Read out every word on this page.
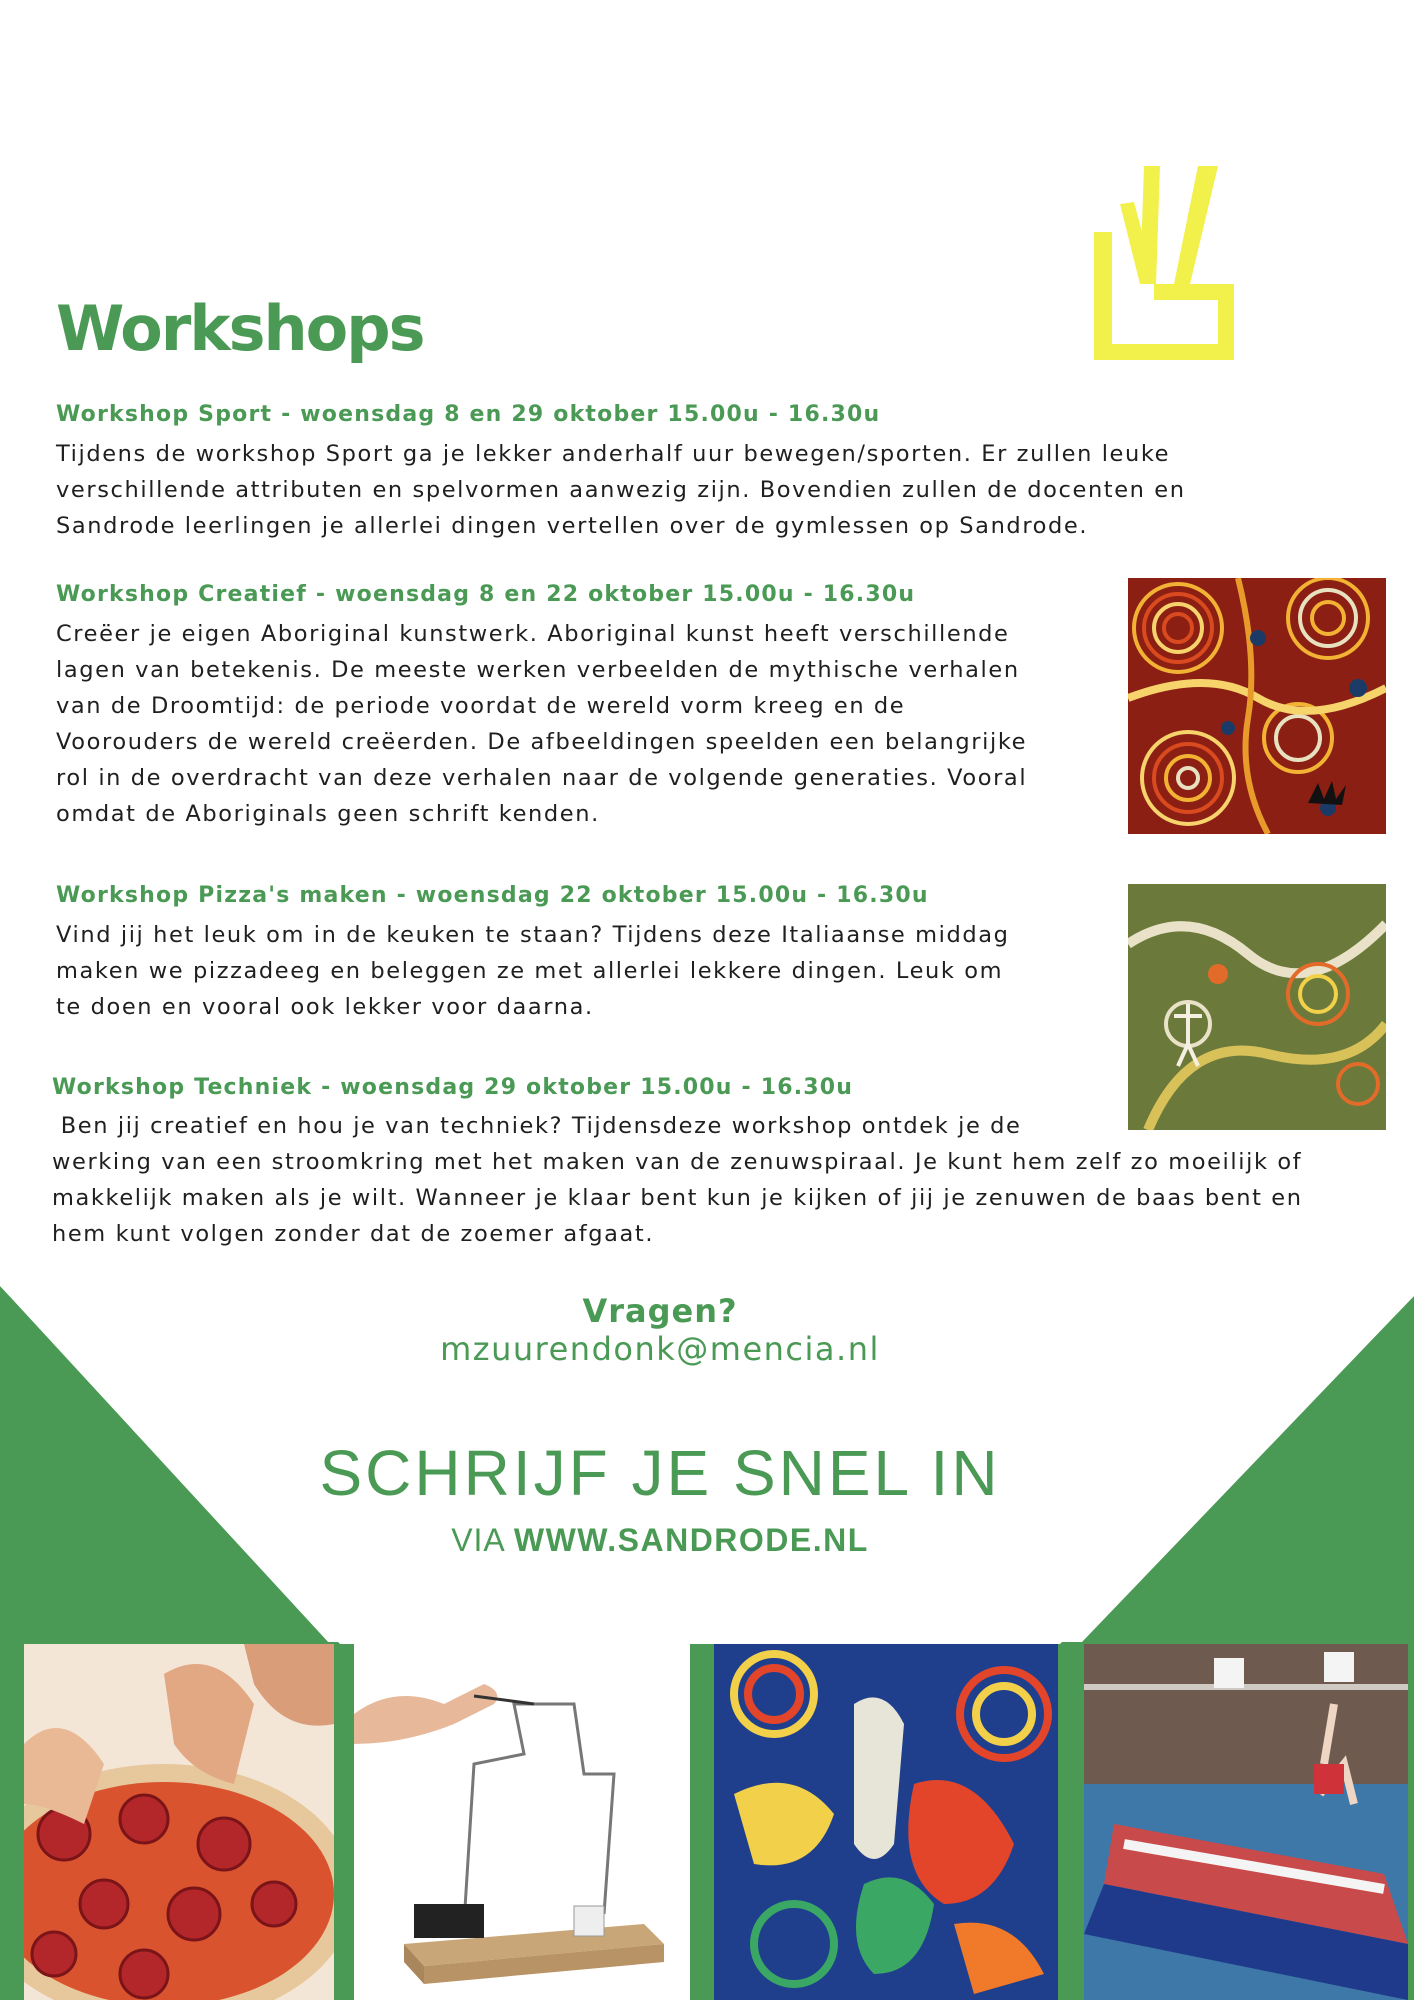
Workshops

Workshop Sport - woensdag 8 en 29 oktober 15.00u - 16.30u

Tijdens de workshop Sport ga je lekker anderhalf uur bewegen/sporten. Er zullen leuke
verschillende attributen en spelvormen aanwezig zijn. Bovendien zullen de docenten en
Sandrode leerlingen je allerlei dingen vertellen over de gymlessen op Sandrode.

Workshop Creatief - woensdag 8 en 22 oktober 15.00u - 16.30u

Creëer je eigen Aboriginal kunstwerk. Aboriginal kunst heeft verschillende
lagen van betekenis. De meeste werken verbeelden de mythische verhalen
van de Droomtijd: de periode voordat de wereld vorm kreeg en de
Voorouders de wereld creëerden. De afbeeldingen speelden een belangrijke
rol in de overdracht van deze verhalen naar de volgende generaties. Vooral
omdat de Aboriginals geen schrift kenden.

Workshop Pizza's maken - woensdag 22 oktober 15.00u - 16.30u

Vind jij het leuk om in de keuken te staan? Tijdens deze Italiaanse middag
maken we pizzadeeg en beleggen ze met allerlei lekkere dingen. Leuk om
te doen en vooral ook lekker voor daarna.

Workshop Techniek - woensdag 29 oktober 15.00u - 16.30u

Ben jij creatief en hou je van techniek? Tijdensdeze workshop ontdek je de
werking van een stroomkring met het maken van de zenuwspiraal. Je kunt hem zelf zo moeilijk of
makkelijk maken als je wilt. Wanneer je klaar bent kun je kijken of jij je zenuwen de baas bent en
hem kunt volgen zonder dat de zoemer afgaat.

Vragen?

mzuurendonk@mencia.nl

SCHRIJF JE SNEL IN

VIA WWW.SANDRODE.NL
